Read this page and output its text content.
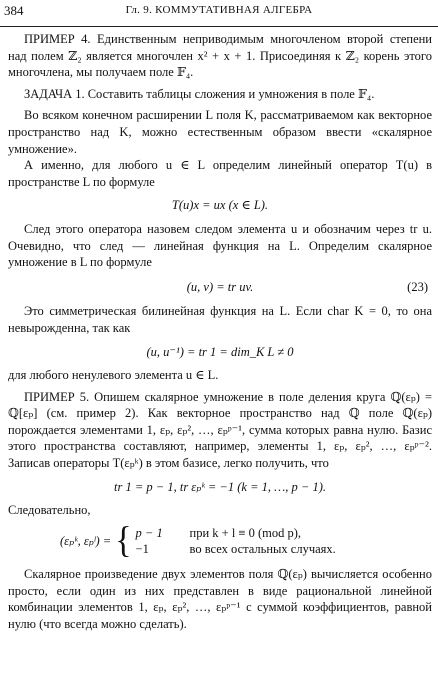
384	Гл. 9. КОММУТАТИВНАЯ АЛГЕБРА

ПРИМЕР 4. Единственным неприводимым многочленом второй степени над полем ℤ₂ является многочлен x² + x + 1. Присоединяя к ℤ₂ корень этого многочлена, мы получаем поле 𝔽₄.

ЗАДАЧА 1. Составить таблицы сложения и умножения в поле 𝔽₄.

Во всяком конечном расширении L поля K, рассматриваемом как векторное пространство над K, можно естественным образом ввести «скалярное умножение».

А именно, для любого u ∈ L определим линейный оператор T(u) в пространстве L по формуле

T(u)x = ux (x ∈ L).

След этого оператора назовем следом элемента u и обозначим через tr u. Очевидно, что след — линейная функция на L. Определим скалярное умножение в L по формуле

(u, v) = tr uv.	(23)

Это симметрическая билинейная функция на L. Если char K = 0, то она невырожденна, так как

(u, u⁻¹) = tr 1 = dim_K L ≠ 0

для любого ненулевого элемента u ∈ L.

ПРИМЕР 5. Опишем скалярное умножение в поле деления круга ℚ(εₚ) = ℚ[εₚ] (см. пример 2). Как векторное пространство над ℚ поле ℚ(εₚ) порождается элементами 1, εₚ, εₚ², …, εₚᵖ⁻¹, сумма которых равна нулю. Базис этого пространства составляют, например, элементы 1, εₚ, εₚ², …, εₚᵖ⁻². Записав операторы T(εₚᵏ) в этом базисе, легко получить, что

tr 1 = p − 1, tr εₚᵏ = −1 (k = 1, …, p − 1).

Следовательно,

(εₚᵏ, εₚˡ) = { p − 1	при k + l ≡ 0 (mod p),
−1	во всех остальных случаях.

Скалярное произведение двух элементов поля ℚ(εₚ) вычисляется особенно просто, если один из них представлен в виде рациональной линейной комбинации элементов 1, εₚ, εₚ², …, εₚᵖ⁻¹ с суммой коэффициентов, равной нулю (что всегда можно сделать).
